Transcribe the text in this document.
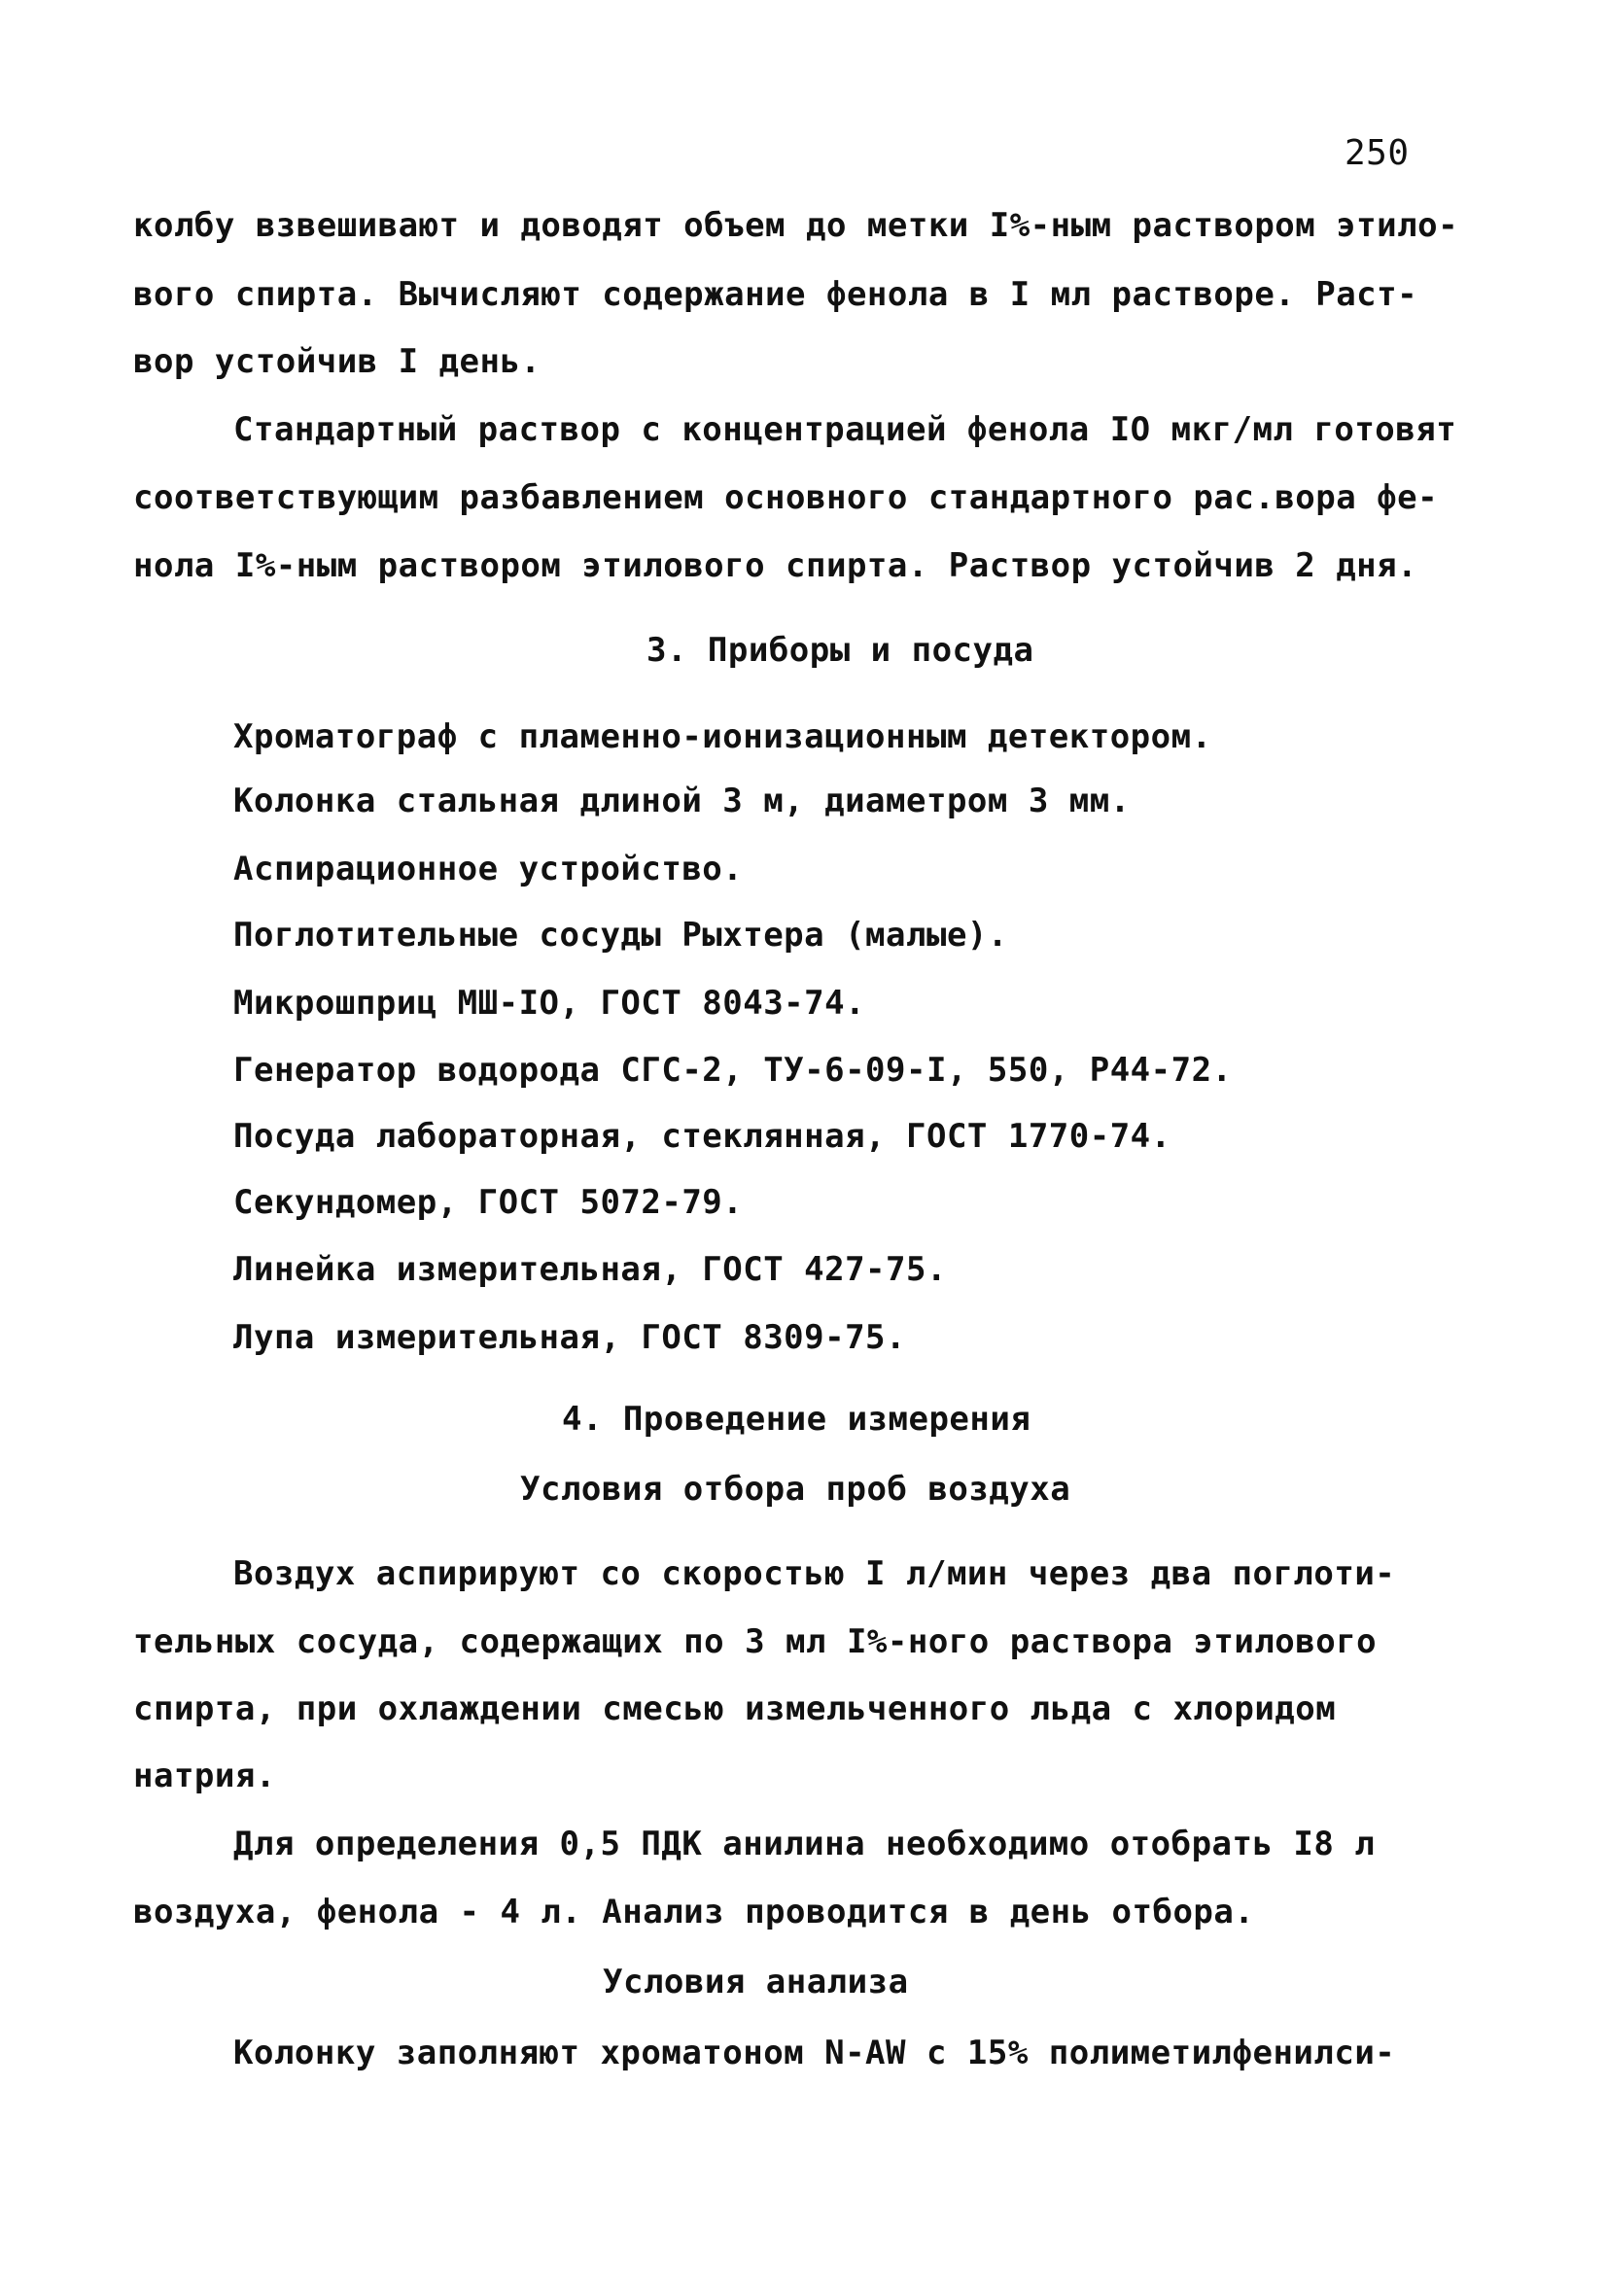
250
колбу взвешивают и доводят объем до метки I%-ным раствором этило-
вого спирта. Вычисляют содержание фенола в I мл растворе. Раст-
вор устойчив I день.
Стандартный раствор с концентрацией фенола IO мкг/мл готовят
соответствующим разбавлением основного стандартного рас.вора фе-
нола I%-ным раствором этилового спирта. Раствор устойчив 2 дня.
3. Приборы и посуда
Хроматограф с пламенно-ионизационным детектором.
Колонка стальная длиной 3 м, диаметром 3 мм.
Аспирационное устройство.
Поглотительные сосуды Рыхтера (малые).
Микрошприц МШ-IO, ГОСТ 8043-74.
Генератор водорода СГС-2, ТУ-6-09-I, 550, Р44-72.
Посуда лабораторная, стеклянная, ГОСТ 1770-74.
Секундомер, ГОСТ 5072-79.
Линейка измерительная, ГОСТ 427-75.
Лупа измерительная, ГОСТ 8309-75.
4. Проведение измерения
Условия отбора проб воздуха
Воздух аспирируют со скоростью I л/мин через два поглоти-
тельных сосуда, содержащих по 3 мл I%-ного раствора этилового
спирта, при охлаждении смесью измельченного льда с хлоридом
натрия.
Для определения 0,5 ПДК анилина необходимо отобрать I8 л
воздуха, фенола - 4 л. Анализ проводится в день отбора.
Условия анализа
Колонку заполняют хроматоном N-AW с 15% полиметилфенилси-
